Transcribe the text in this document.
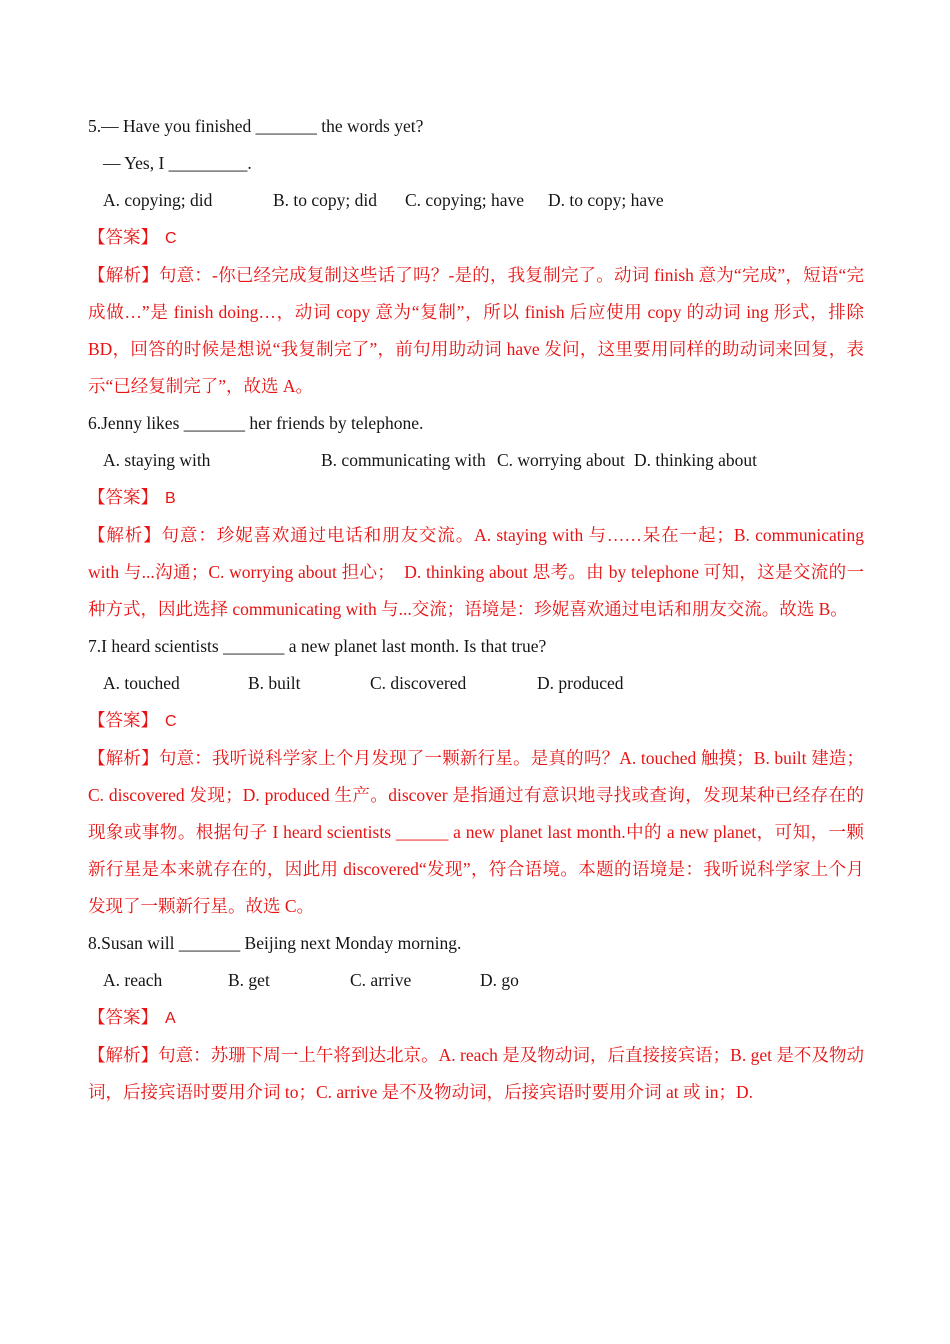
5.— Have you finished _______ the words yet?

— Yes, I _________.

A. copying; did	B. to copy; did C. copying; have D. to copy; have

【答案】 C

【解析】句意：-你已经完成复制这些话了吗？-是的，我复制完了。动词 finish 意为“完成”，短语“完成做…”是 finish doing…，动词 copy 意为“复制”，所以 finish 后应使用 copy 的动词 ing 形式，排除 BD，回答的时候是想说“我复制完了”，前句用助动词 have 发问，这里要用同样的助动词来回复，表示“已经复制完了”，故选 A。

6.Jenny likes _______ her friends by telephone.

A. staying with	B. communicating with C. worrying about D. thinking about

【答案】 B

【解析】句意：珍妮喜欢通过电话和朋友交流。A. staying with 与……呆在一起；B. communicating with 与...沟通；C. worrying about 担心；　D. thinking about 思考。由 by telephone 可知，这是交流的一种方式，因此选择 communicating with 与...交流；语境是：珍妮喜欢通过电话和朋友交流。故选 B。

7.I heard scientists _______ a new planet last month. Is that true?

A. touched	B. built	C. discovered	D. produced

【答案】 C

【解析】句意：我听说科学家上个月发现了一颗新行星。是真的吗？A. touched 触摸；B. built 建造；C. discovered 发现；D. produced 生产。discover 是指通过有意识地寻找或查询，发现某种已经存在的现象或事物。根据句子 I heard scientists ______ a new planet last month.中的 a new planet，可知，一颗新行星是本来就存在的，因此用 discovered“发现”，符合语境。本题的语境是：我听说科学家上个月发现了一颗新行星。故选 C。

8.Susan will _______ Beijing next Monday morning.

A. reach	B. get	C. arrive	D. go

【答案】 A

【解析】句意：苏珊下周一上午将到达北京。A. reach 是及物动词，后直接接宾语；B. get 是不及物动词，后接宾语时要用介词 to；C. arrive 是不及物动词，后接宾语时要用介词 at 或 in；D.
